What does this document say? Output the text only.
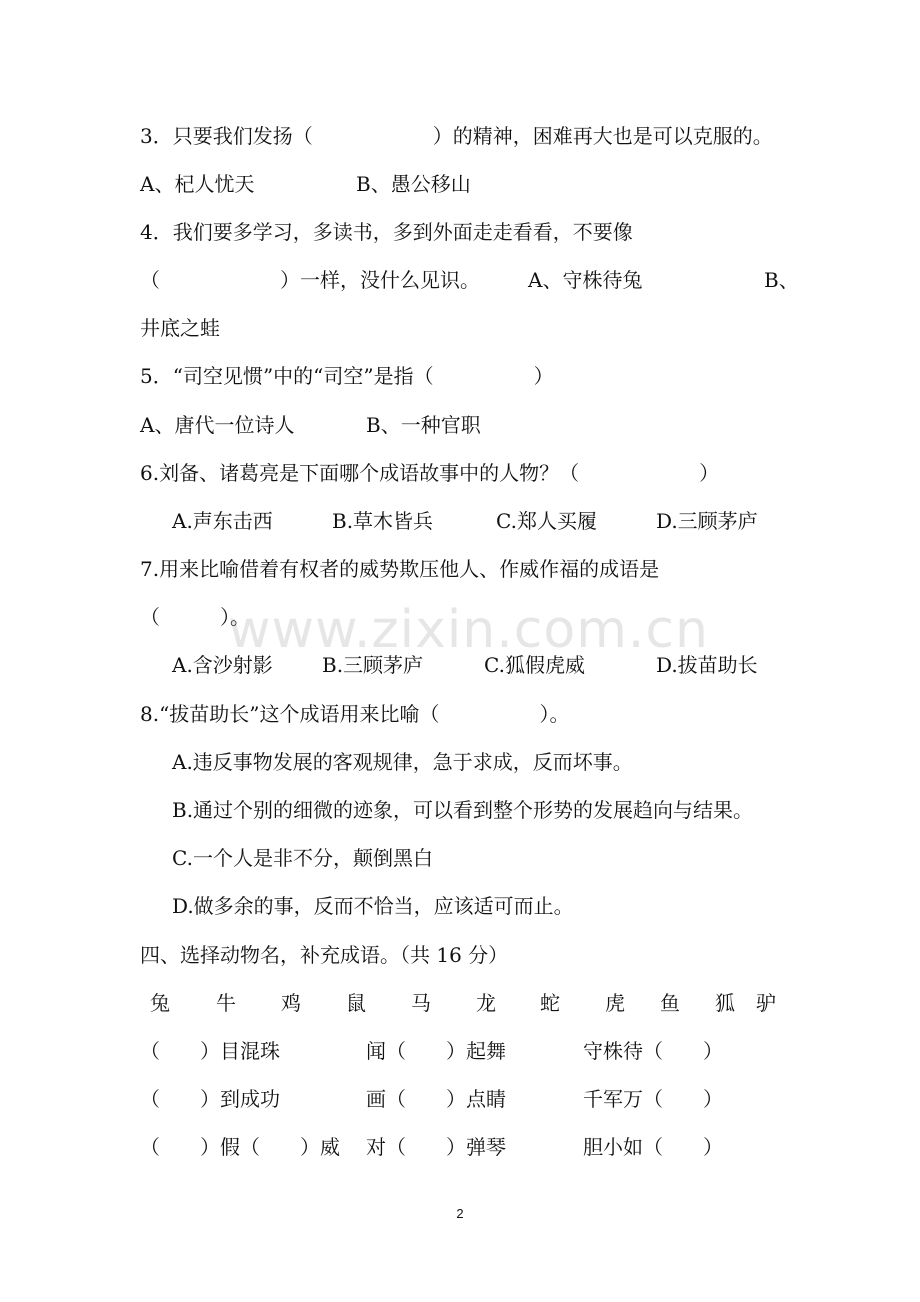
www.zixin.com.cn
3．只要我们发扬（　　　　　　）的精神，困难再大也是可以克服的。
A、杞人忧天	B、愚公移山
4．我们要多学习，多读书，多到外面走走看看，不要像
（　　　　　　）一样，没什么见识。 A、守株待兔	B、
井底之蛙
5．“司空见惯”中的“司空”是指（　　　　　）
A、唐代一位诗人	B、一种官职
6.刘备、诸葛亮是下面哪个成语故事中的人物？（　　　　　　）
A.声东击西	B.草木皆兵	C.郑人买履	D.三顾茅庐
7.用来比喻借着有权者的威势欺压他人、作威作福的成语是
（　　　）。
A.含沙射影 B.三顾茅庐	C.狐假虎威	D.拔苗助长
8.“拔苗助长”这个成语用来比喻（　　　　　）。
A.违反事物发展的客观规律，急于求成，反而坏事。
B.通过个别的细微的迹象，可以看到整个形势的发展趋向与结果。
C.一个人是非不分，颠倒黑白
D.做多余的事，反而不恰当，应该适可而止。
四、选择动物名，补充成语。（共 16 分）
兔 牛 鸡 鼠 马 龙 蛇 虎 鱼 狐 驴
（　　）目混珠	闻（　　）起舞	守株待（　　）
（　　）到成功	画（　　）点睛	千军万（　　）
（　　）假（　　）威 对（　　）弹琴	胆小如（　　）
2
